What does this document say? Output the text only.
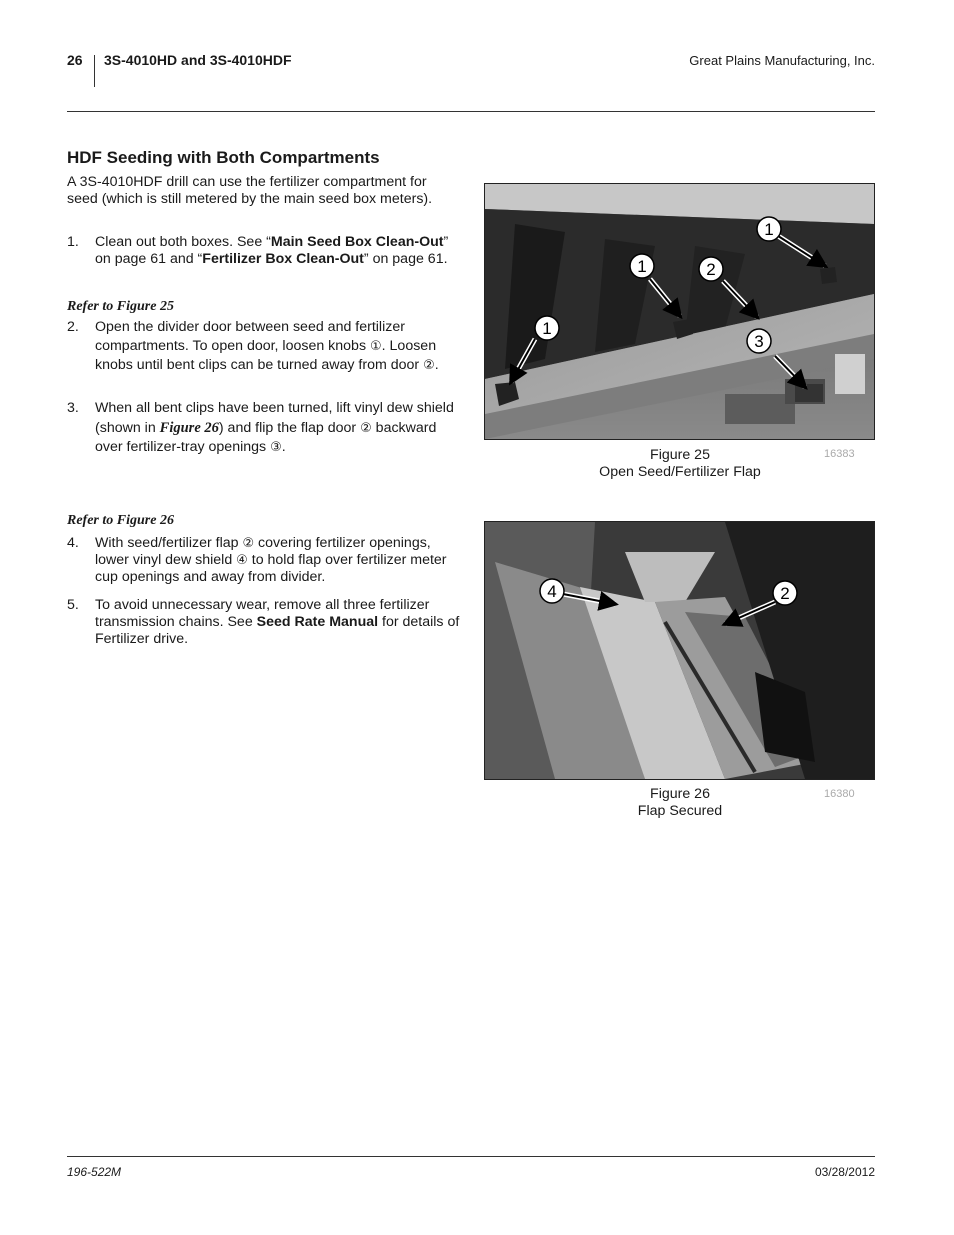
26 3S-4010HD and 3S-4010HDF	Great Plains Manufacturing, Inc.
HDF Seeding with Both Compartments
A 3S-4010HDF drill can use the fertilizer compartment for seed (which is still metered by the main seed box meters).
1. Clean out both boxes. See “Main Seed Box Clean-Out” on page 61 and “Fertilizer Box Clean-Out” on page 61.
Refer to Figure 25
2. Open the divider door between seed and fertilizer compartments. To open door, loosen knobs ①. Loosen knobs until bent clips can be turned away from door ②.
3. When all bent clips have been turned, lift vinyl dew shield (shown in Figure 26) and flip the flap door ② backward over fertilizer-tray openings ③.
Refer to Figure 26
4. With seed/fertilizer flap ② covering fertilizer openings, lower vinyl dew shield ④ to hold flap over fertilizer meter cup openings and away from divider.
5. To avoid unnecessary wear, remove all three fertilizer transmission chains. See Seed Rate Manual for details of Fertilizer drive.
1
1	2
1
3
Figure 25
Open Seed/Fertilizer Flap
16383
4	2
Figure 26
Flap Secured
16380
196-522M	03/28/2012
